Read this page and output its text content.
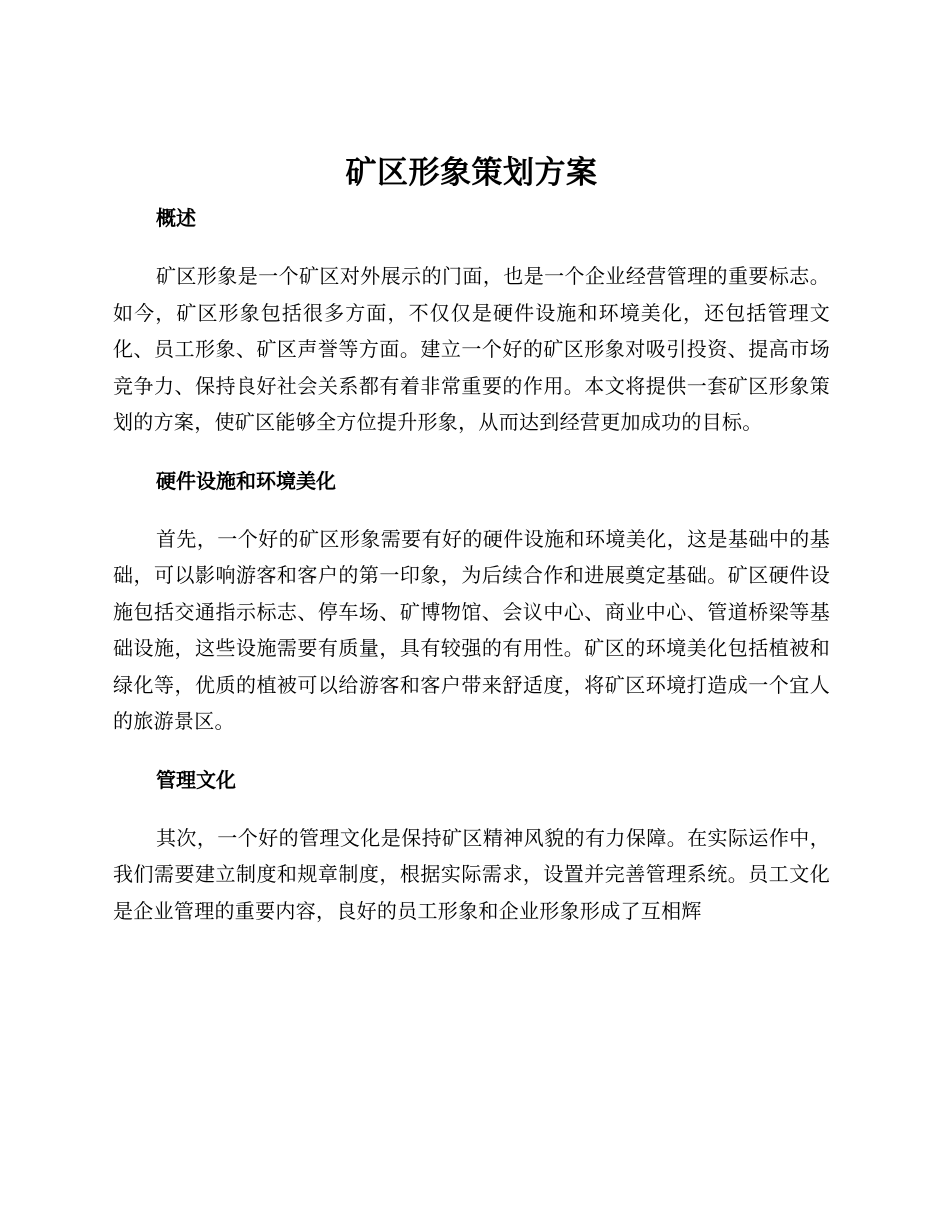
矿区形象策划方案
概述

矿区形象是一个矿区对外展示的门面，也是一个企业经营管理的重要标志。如今，矿区形象包括很多方面，不仅仅是硬件设施和环境美化，还包括管理文化、员工形象、矿区声誉等方面。建立一个好的矿区形象对吸引投资、提高市场竞争力、保持良好社会关系都有着非常重要的作用。本文将提供一套矿区形象策划的方案，使矿区能够全方位提升形象，从而达到经营更加成功的目标。

硬件设施和环境美化

首先，一个好的矿区形象需要有好的硬件设施和环境美化，这是基础中的基础，可以影响游客和客户的第一印象，为后续合作和进展奠定基础。矿区硬件设施包括交通指示标志、停车场、矿博物馆、会议中心、商业中心、管道桥梁等基础设施，这些设施需要有质量，具有较强的有用性。矿区的环境美化包括植被和绿化等，优质的植被可以给游客和客户带来舒适度，将矿区环境打造成一个宜人的旅游景区。

管理文化

其次，一个好的管理文化是保持矿区精神风貌的有力保障。在实际运作中，我们需要建立制度和规章制度，根据实际需求，设置并完善管理系统。员工文化是企业管理的重要内容，良好的员工形象和企业形象形成了互相辉
